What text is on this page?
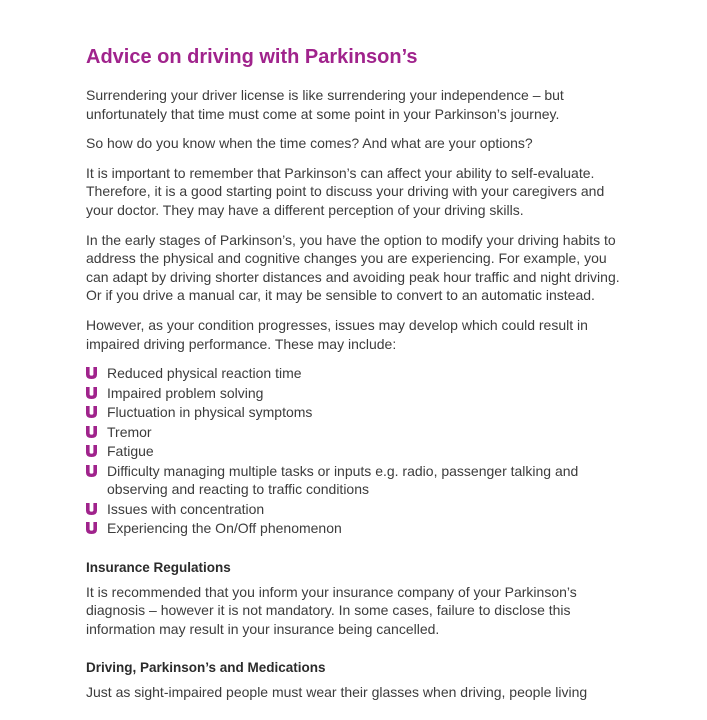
Advice on driving with Parkinson’s

Surrendering your driver license is like surrendering your independence – but unfortunately that time must come at some point in your Parkinson’s journey.

So how do you know when the time comes? And what are your options?

It is important to remember that Parkinson’s can affect your ability to self-evaluate. Therefore, it is a good starting point to discuss your driving with your caregivers and your doctor. They may have a different perception of your driving skills.

In the early stages of Parkinson’s, you have the option to modify your driving habits to address the physical and cognitive changes you are experiencing. For example, you can adapt by driving shorter distances and avoiding peak hour traffic and night driving. Or if you drive a manual car, it may be sensible to convert to an automatic instead.

However, as your condition progresses, issues may develop which could result in impaired driving performance. These may include:

Reduced physical reaction time
Impaired problem solving
Fluctuation in physical symptoms
Tremor
Fatigue
Difficulty managing multiple tasks or inputs e.g. radio, passenger talking and observing and reacting to traffic conditions
Issues with concentration
Experiencing the On/Off phenomenon
Insurance Regulations

It is recommended that you inform your insurance company of your Parkinson’s diagnosis – however it is not mandatory. In some cases, failure to disclose this information may result in your insurance being cancelled.

Driving, Parkinson’s and Medications

Just as sight-impaired people must wear their glasses when driving, people living
